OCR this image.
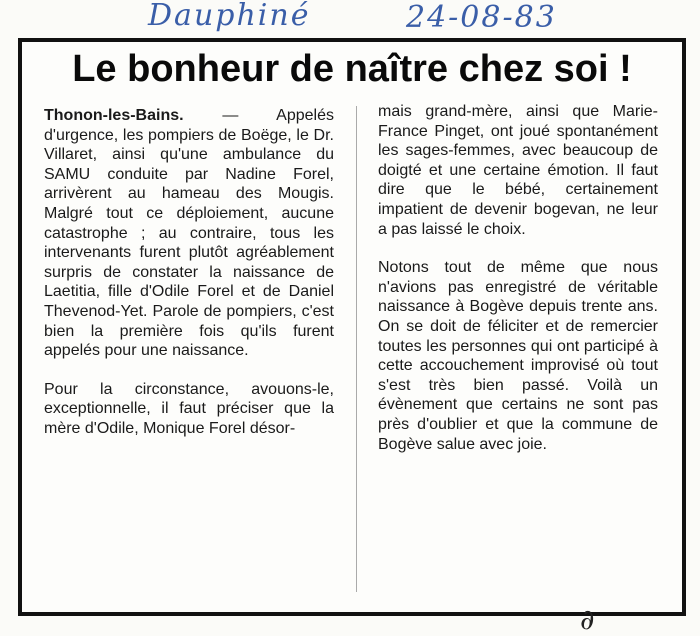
Dauphiné	24-08-83
Le bonheur de naître chez soi !

Thonon-les-Bains. — Appelés d'urgence, les pompiers de Boëge, le Dr. Villaret, ainsi qu'une ambulance du SAMU conduite par Nadine Forel, arrivèrent au hameau des Mougis. Malgré tout ce déploiement, aucune catastrophe ; au contraire, tous les intervenants furent plutôt agréablement surpris de constater la naissance de Laetitia, fille d'Odile Forel et de Daniel Thevenod-Yet. Parole de pompiers, c'est bien la première fois qu'ils furent appelés pour une naissance.

Pour la circonstance, avouons-le, exceptionnelle, il faut préciser que la mère d'Odile, Monique Forel désor-

mais grand-mère, ainsi que Marie-France Pinget, ont joué spontanément les sages-femmes, avec beaucoup de doigté et une certaine émotion. Il faut dire que le bébé, certainement impatient de devenir bogevan, ne leur a pas laissé le choix.

Notons tout de même que nous n'avions pas enregistré de véritable naissance à Bogève depuis trente ans. On se doit de féliciter et de remercier toutes les personnes qui ont participé à cette accouchement improvisé où tout s'est très bien passé. Voilà un évènement que certains ne sont pas près d'oublier et que la commune de Bogève salue avec joie.

∂
